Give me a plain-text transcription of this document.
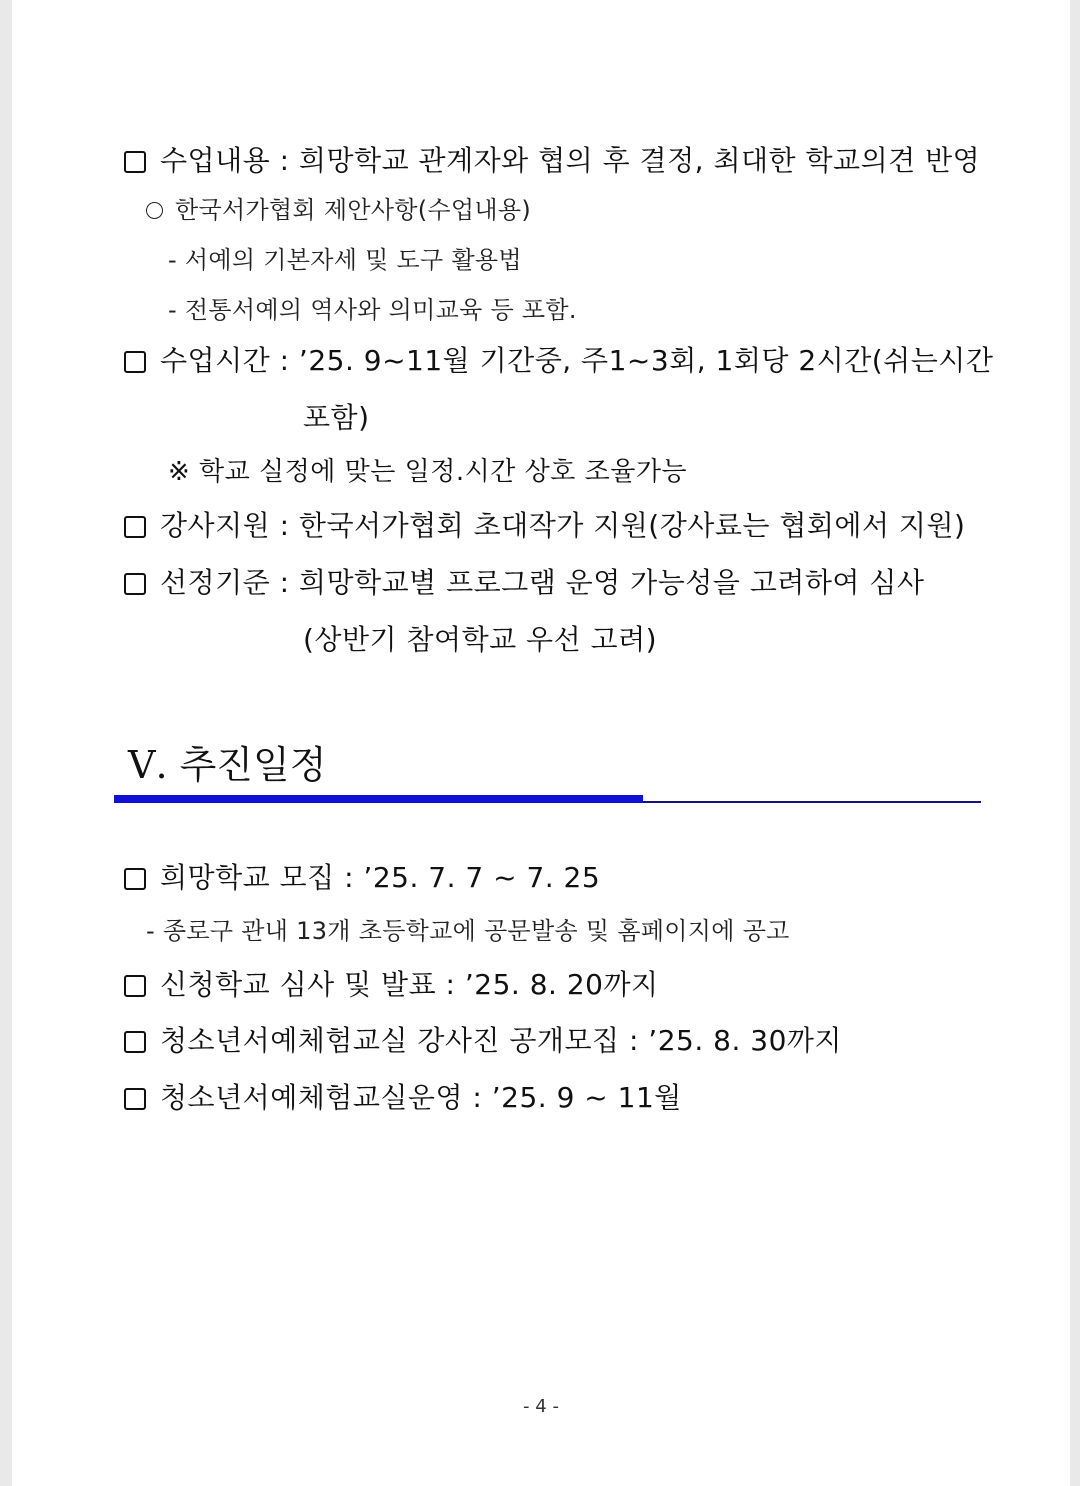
수업내용 : 희망학교 관계자와 협의 후 결정, 최대한 학교의견 반영
한국서가협회 제안사항(수업내용)
- 서예의 기본자세 및 도구 활용법
- 전통서예의 역사와 의미교육 등 포함.
수업시간 : ’25. 9~11월 기간중, 주1~3회, 1회당 2시간(쉬는시간
포함)
※ 학교 실정에 맞는 일정.시간 상호 조율가능
강사지원 : 한국서가협회 초대작가 지원(강사료는 협회에서 지원)
선정기준 : 희망학교별 프로그램 운영 가능성을 고려하여 심사
(상반기 참여학교 우선 고려)
Ⅴ. 추진일정
희망학교 모집 : ’25. 7. 7 ~ 7. 25
- 종로구 관내 13개 초등학교에 공문발송 및 홈페이지에 공고
신청학교 심사 및 발표 : ’25. 8. 20까지
청소년서예체험교실 강사진 공개모집 : ’25. 8. 30까지
청소년서예체험교실운영 : ’25. 9 ~ 11월
- 4 -
